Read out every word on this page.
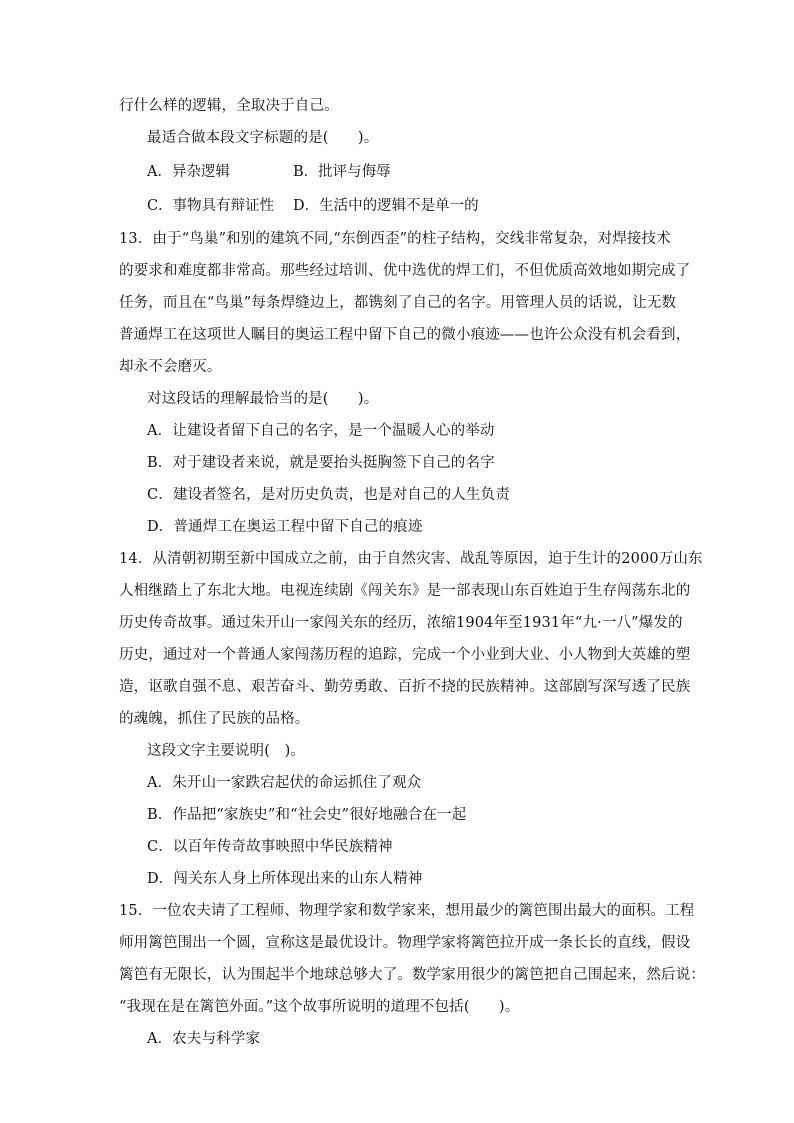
行什么样的逻辑，全取决于自己。
最适合做本段文字标题的是(　　)。
A．异杂逻辑	B．批评与侮辱
C．事物具有辩证性 D．生活中的逻辑不是单一的
13．由于“鸟巢”和别的建筑不同,“东倒西歪”的柱子结构，交线非常复杂，对焊接技术
的要求和难度都非常高。那些经过培训、优中选优的焊工们，不但优质高效地如期完成了
任务，而且在“鸟巢”每条焊缝边上，都镌刻了自己的名字。用管理人员的话说，让无数
普通焊工在这项世人瞩目的奥运工程中留下自己的微小痕迹——也许公众没有机会看到，
却永不会磨灭。
对这段话的理解最恰当的是(　　)。
A．让建设者留下自己的名字，是一个温暖人心的举动
B．对于建设者来说，就是要抬头挺胸签下自己的名字
C．建设者签名，是对历史负责，也是对自己的人生负责
D．普通焊工在奥运工程中留下自己的痕迹
14．从清朝初期至新中国成立之前，由于自然灾害、战乱等原因，迫于生计的2000万山东
人相继踏上了东北大地。电视连续剧《闯关东》是一部表现山东百姓迫于生存闯荡东北的
历史传奇故事。通过朱开山一家闯关东的经历，浓缩1904年至1931年“九·一八”爆发的
历史，通过对一个普通人家闯荡历程的追踪，完成一个小业到大业、小人物到大英雄的塑
造，讴歌自强不息、艰苦奋斗、勤劳勇敢、百折不挠的民族精神。这部剧写深写透了民族
的魂魄，抓住了民族的品格。
这段文字主要说明(　)。
A．朱开山一家跌宕起伏的命运抓住了观众
B．作品把“家族史”和“社会史”很好地融合在一起
C．以百年传奇故事映照中华民族精神
D．闯关东人身上所体现出来的山东人精神
15．一位农夫请了工程师、物理学家和数学家来，想用最少的篱笆围出最大的面积。工程
师用篱笆围出一个圆，宣称这是最优设计。物理学家将篱笆拉开成一条长长的直线，假设
篱笆有无限长，认为围起半个地球总够大了。数学家用很少的篱笆把自己围起来，然后说：
“我现在是在篱笆外面。”这个故事所说明的道理不包括(　　)。
A．农夫与科学家
